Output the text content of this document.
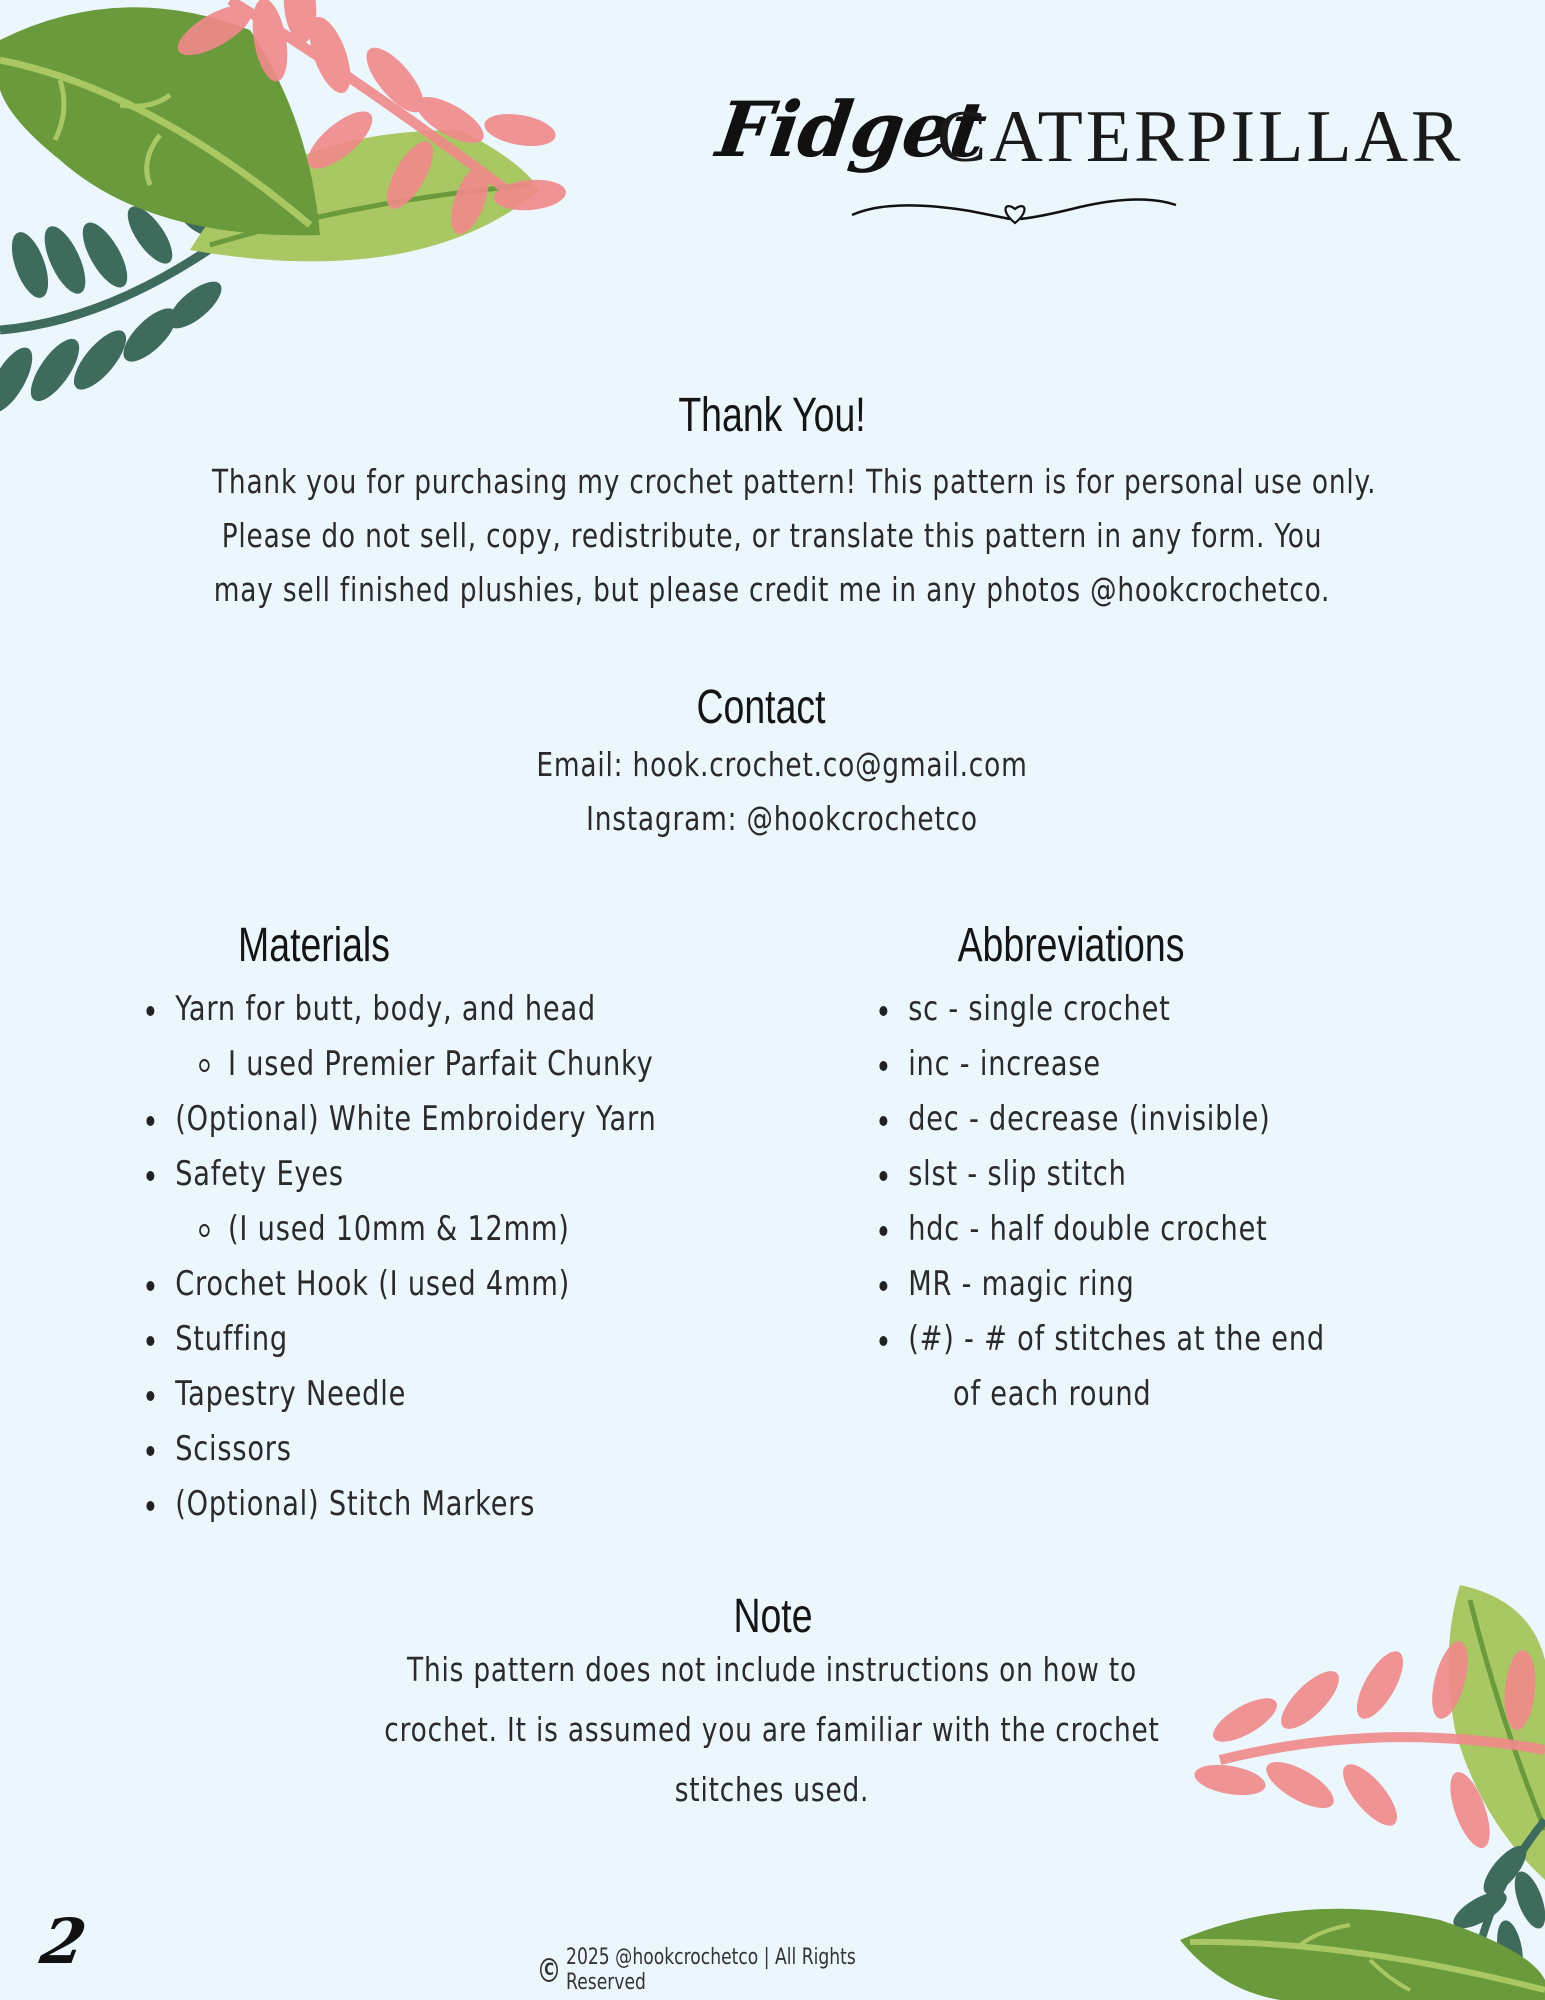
Fidget
CATERPILLAR
Thank You!
Thank you for purchasing my crochet pattern! This pattern is for personal use only.
Please do not sell, copy, redistribute, or translate this pattern in any form. You
may sell finished plushies, but please credit me in any photos @hookcrochetco.
Contact
Email: hook.crochet.co@gmail.com
Instagram: @hookcrochetco
Materials
Yarn for butt, body, and head
I used Premier Parfait Chunky
(Optional) White Embroidery Yarn
Safety Eyes
(I used 10mm & 12mm)
Crochet Hook (I used 4mm)
Stuffing
Tapestry Needle
Scissors
(Optional) Stitch Markers
Abbreviations
sc - single crochet
inc - increase
dec - decrease (invisible)
slst - slip stitch
hdc - half double crochet
MR - magic ring
(#) - # of stitches at the end
of each round
Note
This pattern does not include instructions on how to
crochet. It is assumed you are familiar with the crochet
stitches used.
2	C 2025 @hookcrochetco | All Rights Reserved
